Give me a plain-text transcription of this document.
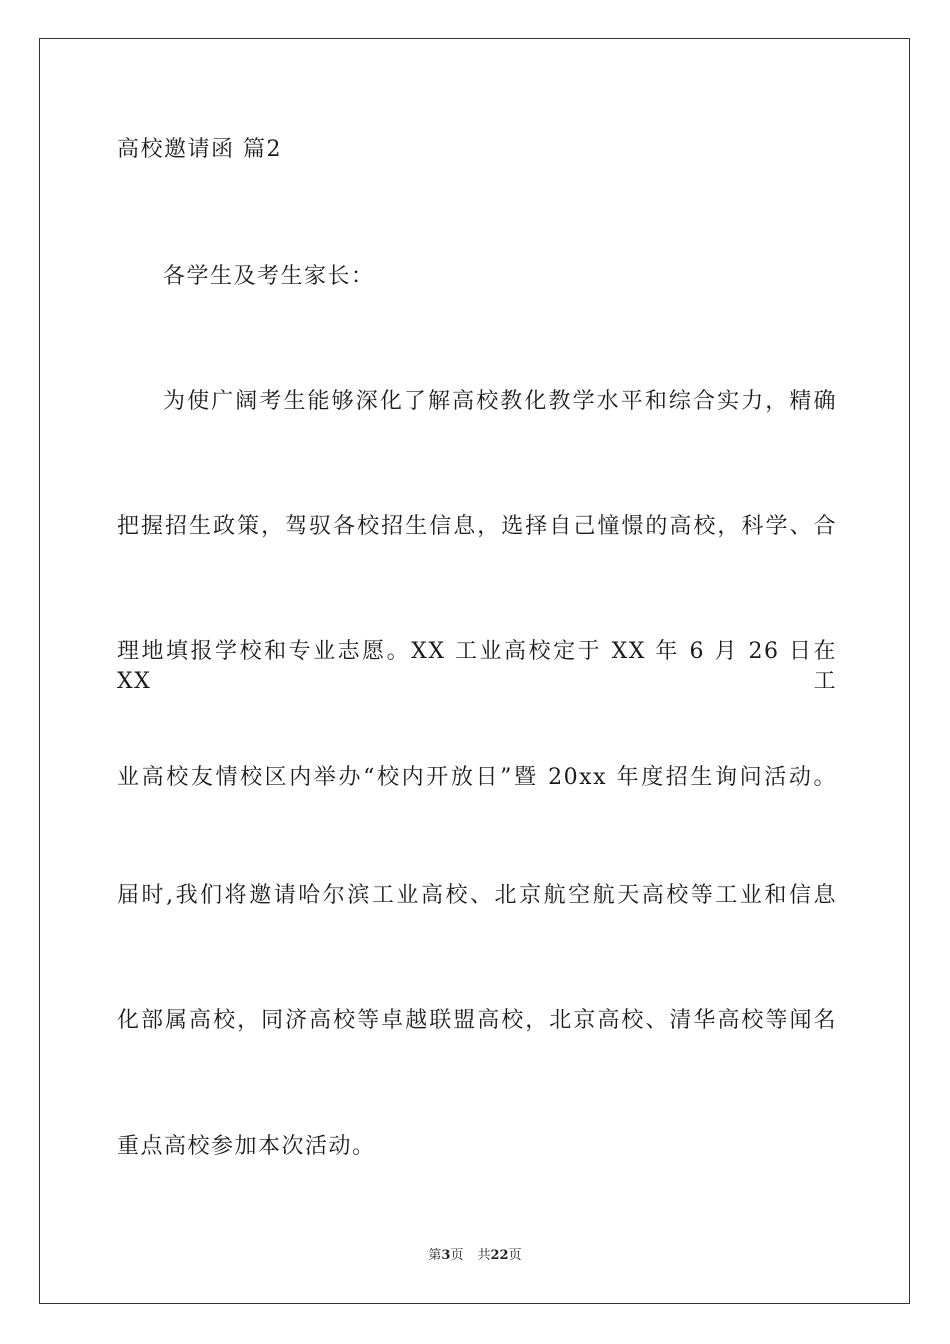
高校邀请函 篇2
各学生及考生家长：
为使广阔考生能够深化了解高校教化教学水平和综合实力，精确
把握招生政策，驾驭各校招生信息，选择自己憧憬的高校，科学、合
理地填报学校和专业志愿。XX 工业高校定于 XX 年 6 月 26 日在 XX 工
业高校友情校区内举办“校内开放日”暨 20xx 年度招生询问活动。
届时,我们将邀请哈尔滨工业高校、北京航空航天高校等工业和信息
化部属高校，同济高校等卓越联盟高校，北京高校、清华高校等闻名
重点高校参加本次活动。
第3页 共22页
